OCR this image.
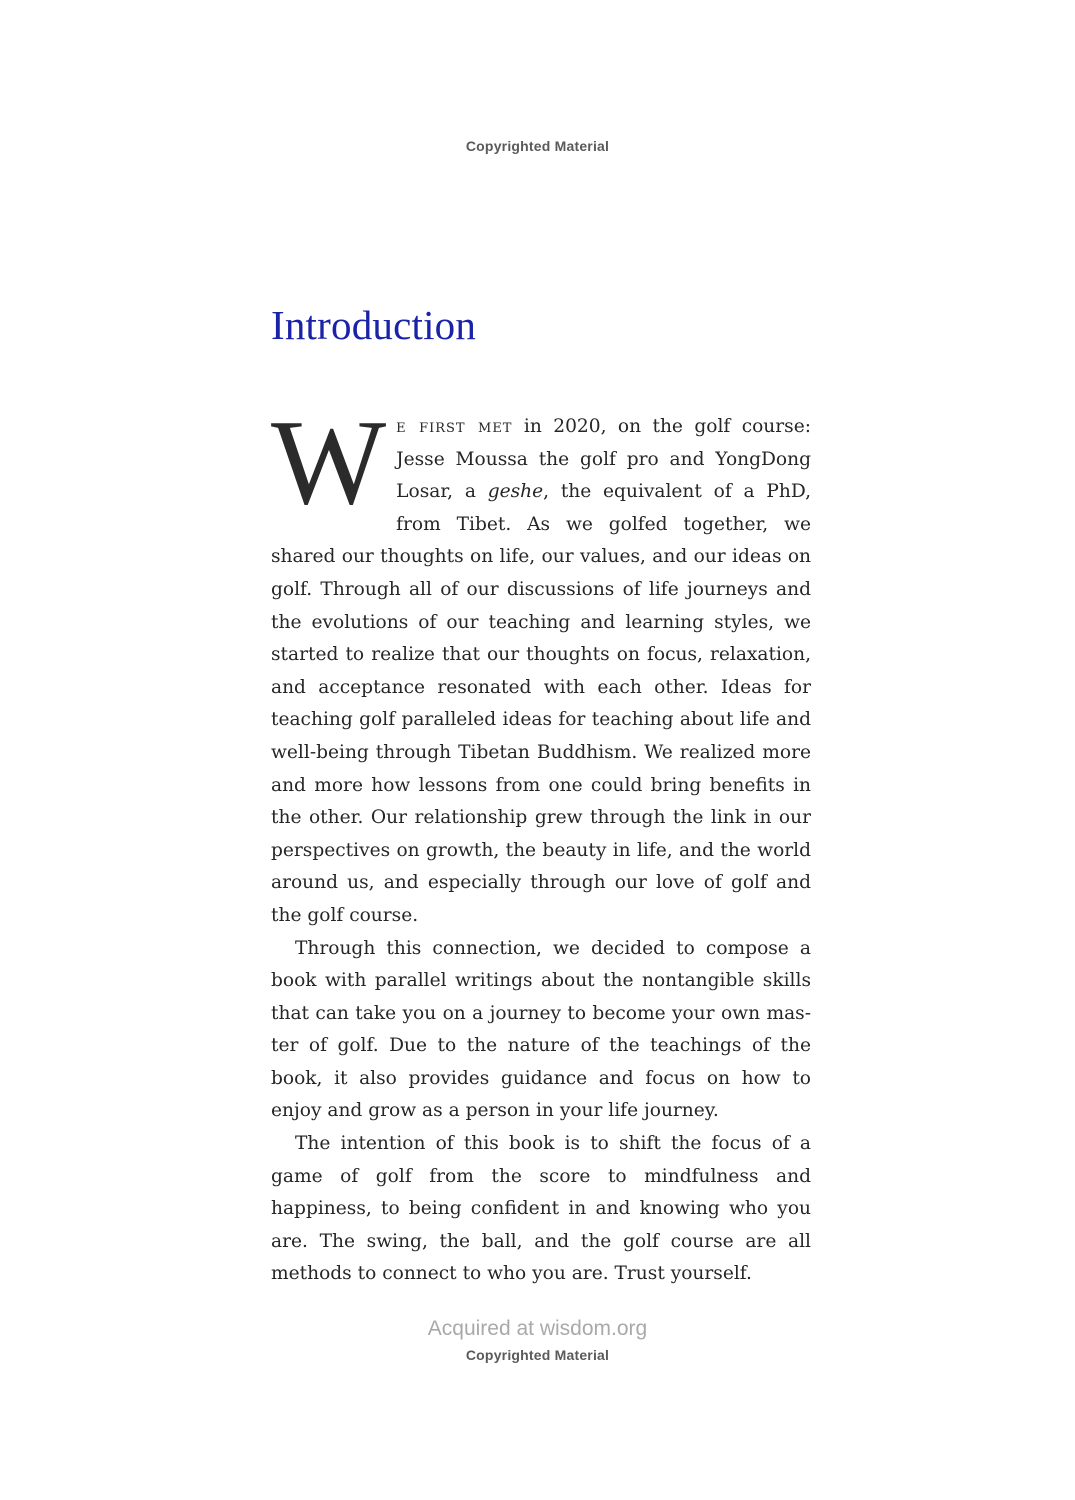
Copyrighted Material
Introduction

We first met in 2020, on the golf course: Jesse Moussa the golf pro and YongDong Losar, a geshe, the equivalent of a PhD, from Tibet. As we golfed together, we shared our thoughts on life, our values, and our ideas on golf. Through all of our discussions of life journeys and the evolutions of our teaching and learning styles, we started to realize that our thoughts on focus, relaxation, and acceptance resonated with each other. Ideas for teaching golf paralleled ideas for teaching about life and well-being through Tibetan Buddhism. We realized more and more how lessons from one could bring benefits in the other. Our relationship grew through the link in our perspectives on growth, the beauty in life, and the world around us, and especially through our love of golf and the golf course.

Through this connection, we decided to compose a book with parallel writings about the nontangible skills that can take you on a journey to become your own master of golf. Due to the nature of the teachings of the book, it also provides guidance and focus on how to enjoy and grow as a person in your life journey.

The intention of this book is to shift the focus of a game of golf from the score to mindfulness and happiness, to being confident in and knowing who you are. The swing, the ball, and the golf course are all methods to connect to who you are. Trust yourself.

Acquired at wisdom.org
Copyrighted Material
